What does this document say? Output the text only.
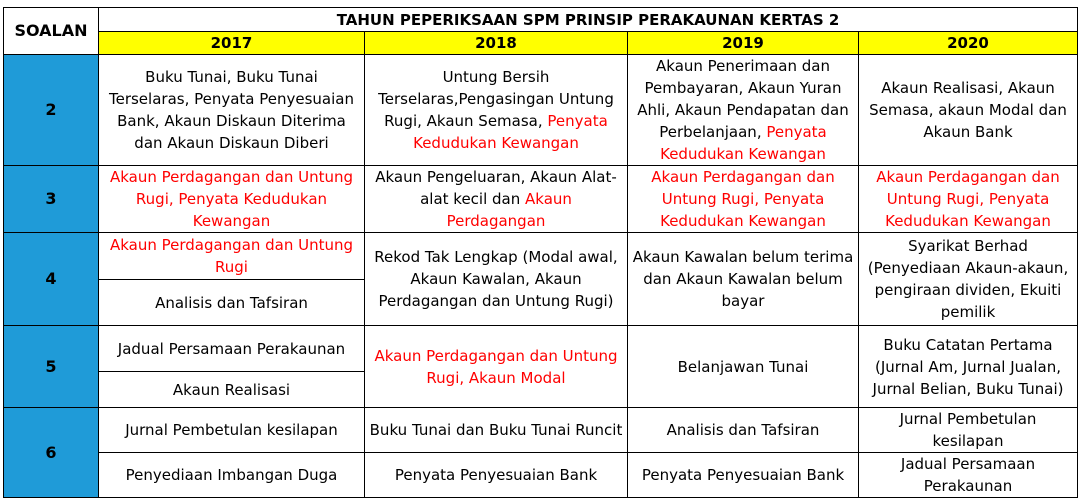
SOALAN	TAHUN PEPERIKSAAN SPM PRINSIP PERAKAUNAN KERTAS 2			
	2017	2018	2019	2020
2	Buku Tunai, Buku Tunai Terselaras, Penyata Penyesuaian Bank, Akaun Diskaun Diterima dan Akaun Diskaun Diberi	Untung Bersih Terselaras,Pengasingan Untung Rugi, Akaun Semasa, Penyata Kedudukan Kewangan	Akaun Penerimaan dan Pembayaran, Akaun Yuran Ahli, Akaun Pendapatan dan Perbelanjaan, Penyata Kedudukan Kewangan	Akaun Realisasi, Akaun Semasa, akaun Modal dan Akaun Bank
3	Akaun Perdagangan dan Untung Rugi, Penyata Kedudukan Kewangan	Akaun Pengeluaran, Akaun Alat-alat kecil dan Akaun Perdagangan	Akaun Perdagangan dan Untung Rugi, Penyata Kedudukan Kewangan	Akaun Perdagangan dan Untung Rugi, Penyata Kedudukan Kewangan
4	Akaun Perdagangan dan Untung Rugi	Rekod Tak Lengkap (Modal awal, Akaun Kawalan, Akaun Perdagangan dan Untung Rugi)	Akaun Kawalan belum terima dan Akaun Kawalan belum bayar	Syarikat Berhad (Penyediaan Akaun-akaun, pengiraan dividen, Ekuiti pemilik
	Analisis dan Tafsiran			
5	Jadual Persamaan Perakaunan	Akaun Perdagangan dan Untung Rugi, Akaun Modal	Belanjawan Tunai	Buku Catatan Pertama (Jurnal Am, Jurnal Jualan, Jurnal Belian, Buku Tunai)
	Akaun Realisasi			
6	Jurnal Pembetulan kesilapan	Buku Tunai dan Buku Tunai Runcit	Analisis dan Tafsiran	Jurnal Pembetulan kesilapan
	Penyediaan Imbangan Duga	Penyata Penyesuaian Bank	Penyata Penyesuaian Bank	Jadual Persamaan Perakaunan
